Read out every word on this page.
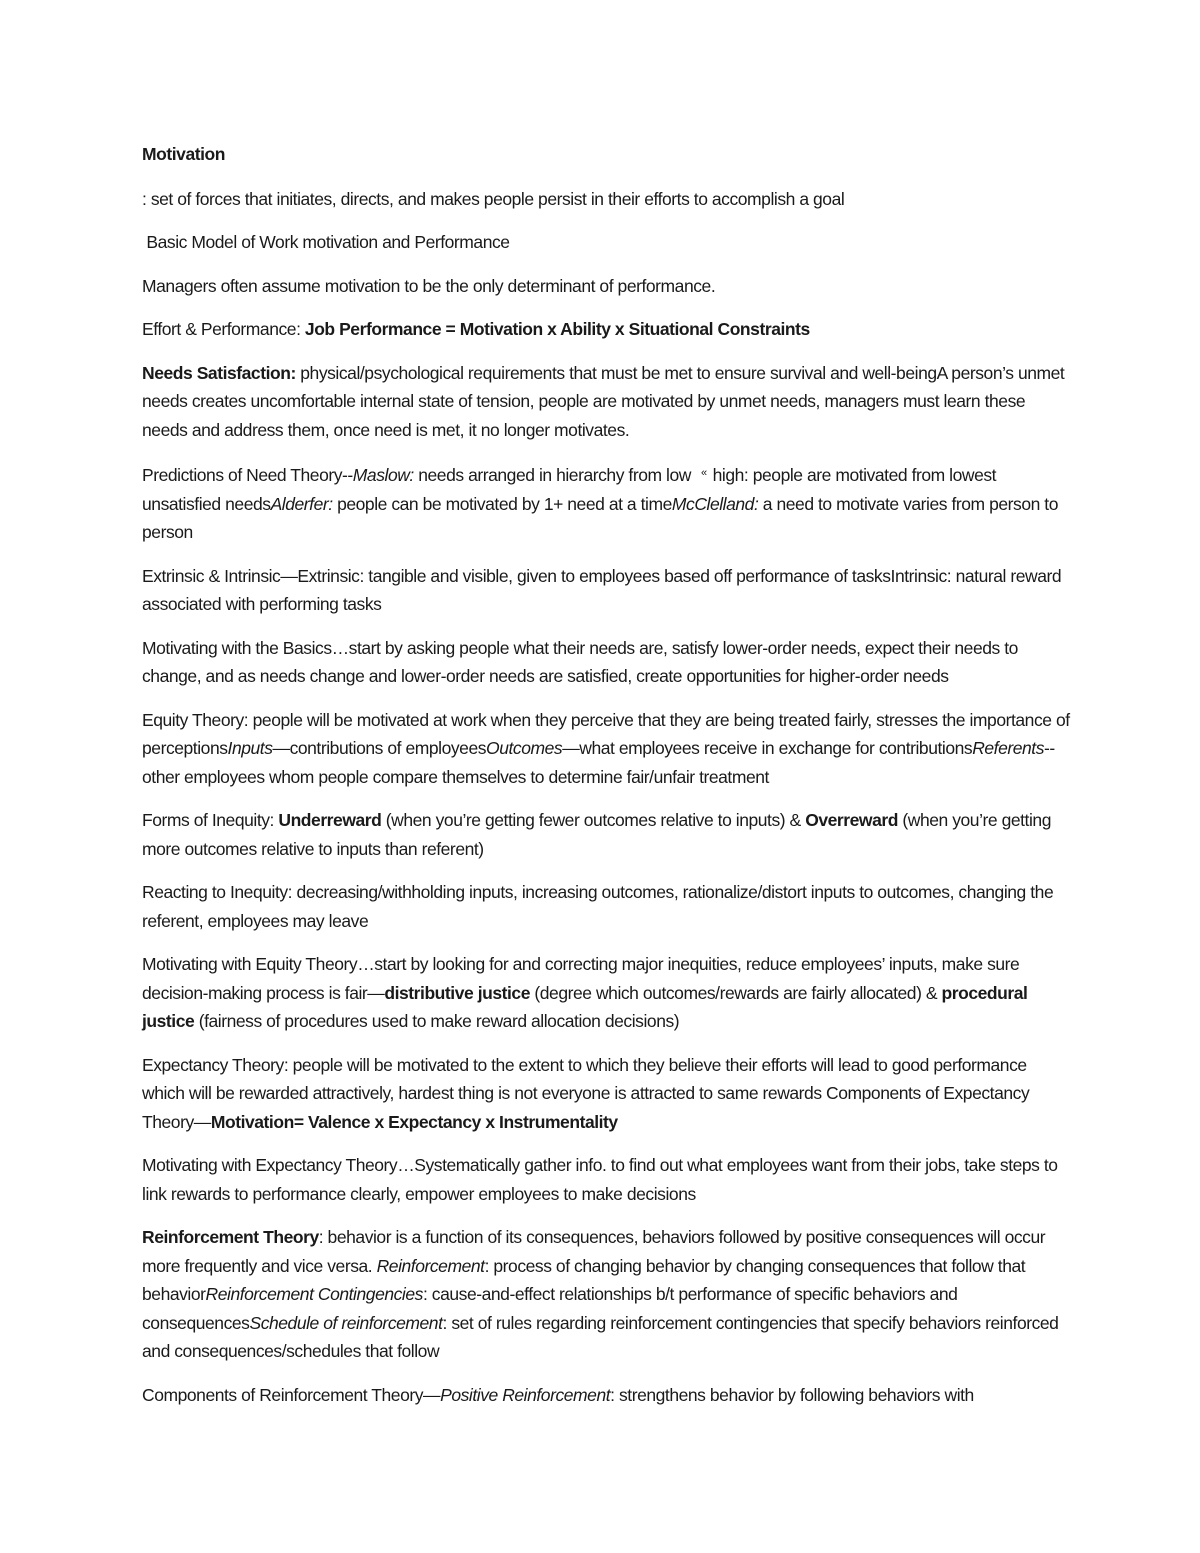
Motivation

: set of forces that initiates, directs, and makes people persist in their efforts to accomplish a goal

Basic Model of Work motivation and Performance

Managers often assume motivation to be the only determinant of performance.

Effort & Performance: Job Performance = Motivation x Ability x Situational Constraints

Needs Satisfaction: physical/psychological requirements that must be met to ensure survival and well-beingA person’s unmet needs creates uncomfortable internal state of tension, people are motivated by unmet needs, managers must learn these needs and address them, once need is met, it no longer motivates.

Predictions of Need Theory--Maslow: needs arranged in hierarchy from low « high: people are motivated from lowest unsatisfied needsAlderfer: people can be motivated by 1+ need at a timeMcClelland: a need to motivate varies from person to person

Extrinsic & Intrinsic—Extrinsic: tangible and visible, given to employees based off performance of tasksIntrinsic: natural reward associated with performing tasks

Motivating with the Basics…start by asking people what their needs are, satisfy lower-order needs, expect their needs to change, and as needs change and lower-order needs are satisfied, create opportunities for higher-order needs

Equity Theory: people will be motivated at work when they perceive that they are being treated fairly, stresses the importance of perceptionsInputs—contributions of employeesOutcomes—what employees receive in exchange for contributionsReferents-- other employees whom people compare themselves to determine fair/unfair treatment

Forms of Inequity: Underreward (when you’re getting fewer outcomes relative to inputs) & Overreward (when you’re getting more outcomes relative to inputs than referent)

Reacting to Inequity: decreasing/withholding inputs, increasing outcomes, rationalize/distort inputs to outcomes, changing the referent, employees may leave

Motivating with Equity Theory…start by looking for and correcting major inequities, reduce employees’ inputs, make sure decision-making process is fair—distributive justice (degree which outcomes/rewards are fairly allocated) & procedural justice (fairness of procedures used to make reward allocation decisions)

Expectancy Theory: people will be motivated to the extent to which they believe their efforts will lead to good performance which will be rewarded attractively, hardest thing is not everyone is attracted to same rewards Components of Expectancy Theory—Motivation= Valence x Expectancy x Instrumentality

Motivating with Expectancy Theory…Systematically gather info. to find out what employees want from their jobs, take steps to link rewards to performance clearly, empower employees to make decisions

Reinforcement Theory: behavior is a function of its consequences, behaviors followed by positive consequences will occur more frequently and vice versa. Reinforcement: process of changing behavior by changing consequences that follow that behaviorReinforcement Contingencies: cause-and-effect relationships b/t performance of specific behaviors and consequencesSchedule of reinforcement: set of rules regarding reinforcement contingencies that specify behaviors reinforced and consequences/schedules that follow

Components of Reinforcement Theory—Positive Reinforcement: strengthens behavior by following behaviors with
